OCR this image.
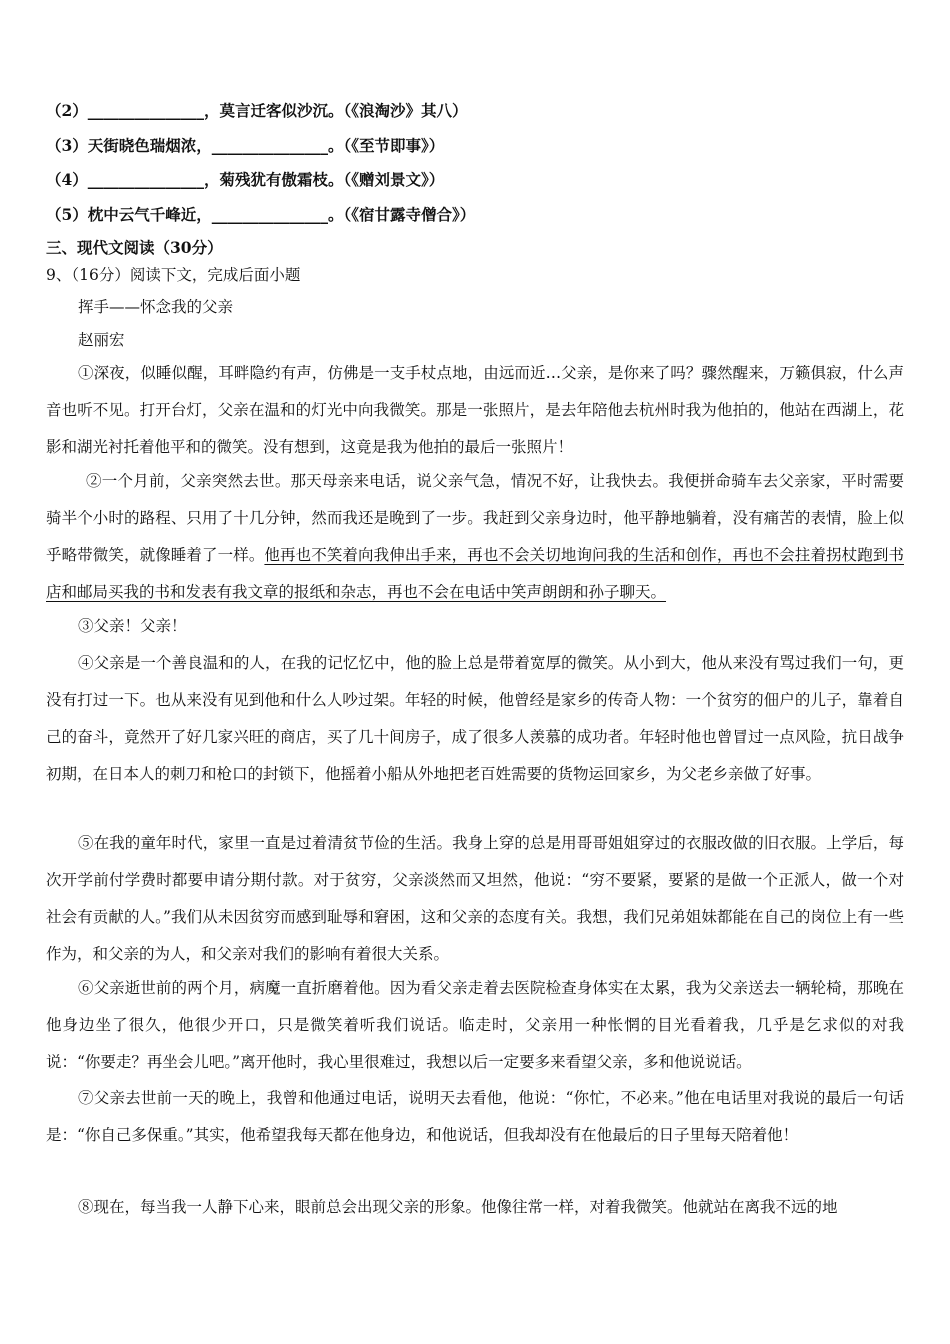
（2）_______________，莫言迁客似沙沉。（《浪淘沙》其八）
（3）天街晓色瑞烟浓，_______________。（《至节即事》）
（4）_______________，菊残犹有傲霜枝。（《赠刘景文》）
（5）枕中云气千峰近，_______________。（《宿甘露寺僧合》）
三、现代文阅读（30分）
9、（16分）阅读下文，完成后面小题
挥手——怀念我的父亲
赵丽宏

①深夜，似睡似醒，耳畔隐约有声，仿佛是一支手杖点地，由远而近…父亲，是你来了吗？骤然醒来，万籁俱寂，什么声音也听不见。打开台灯，父亲在温和的灯光中向我微笑。那是一张照片，是去年陪他去杭州时我为他拍的，他站在西湖上，花影和湖光衬托着他平和的微笑。没有想到，这竟是我为他拍的最后一张照片！

②一个月前，父亲突然去世。那天母亲来电话，说父亲气急，情况不好，让我快去。我便拼命骑车去父亲家，平时需要骑半个小时的路程、只用了十几分钟，然而我还是晚到了一步。我赶到父亲身边时，他平静地躺着，没有痛苦的表情，脸上似乎略带微笑，就像睡着了一样。他再也不笑着向我伸出手来，再也不会关切地询问我的生活和创作，再也不会拄着拐杖跑到书店和邮局买我的书和发表有我文章的报纸和杂志，再也不会在电话中笑声朗朗和孙子聊天。

③父亲！父亲！

④父亲是一个善良温和的人，在我的记忆忆中，他的脸上总是带着宽厚的微笑。从小到大，他从来没有骂过我们一句，更没有打过一下。也从来没有见到他和什么人吵过架。年轻的时候，他曾经是家乡的传奇人物：一个贫穷的佃户的儿子，靠着自己的奋斗，竟然开了好几家兴旺的商店，买了几十间房子，成了很多人羡慕的成功者。年轻时他也曾冒过一点风险，抗日战争初期，在日本人的刺刀和枪口的封锁下，他摇着小船从外地把老百姓需要的货物运回家乡，为父老乡亲做了好事。

⑤在我的童年时代，家里一直是过着清贫节俭的生活。我身上穿的总是用哥哥姐姐穿过的衣服改做的旧衣服。上学后，每次开学前付学费时都要申请分期付款。对于贫穷，父亲淡然而又坦然，他说：“穷不要紧，要紧的是做一个正派人，做一个对社会有贡献的人。”我们从未因贫穷而感到耻辱和窘困，这和父亲的态度有关。我想，我们兄弟姐妹都能在自己的岗位上有一些作为，和父亲的为人，和父亲对我们的影响有着很大关系。

⑥父亲逝世前的两个月，病魔一直折磨着他。因为看父亲走着去医院检查身体实在太累，我为父亲送去一辆轮椅，那晚在他身边坐了很久，他很少开口，只是微笑着听我们说话。临走时，父亲用一种怅惘的目光看着我，几乎是乞求似的对我说：“你要走？再坐会儿吧。”离开他时，我心里很难过，我想以后一定要多来看望父亲，多和他说说话。

⑦父亲去世前一天的晚上，我曾和他通过电话，说明天去看他，他说：“你忙，不必来。”他在电话里对我说的最后一句话是：“你自己多保重。”其实，他希望我每天都在他身边，和他说话，但我却没有在他最后的日子里每天陪着他！

⑧现在，每当我一人静下心来，眼前总会出现父亲的形象。他像往常一样，对着我微笑。他就站在离我不远的地
